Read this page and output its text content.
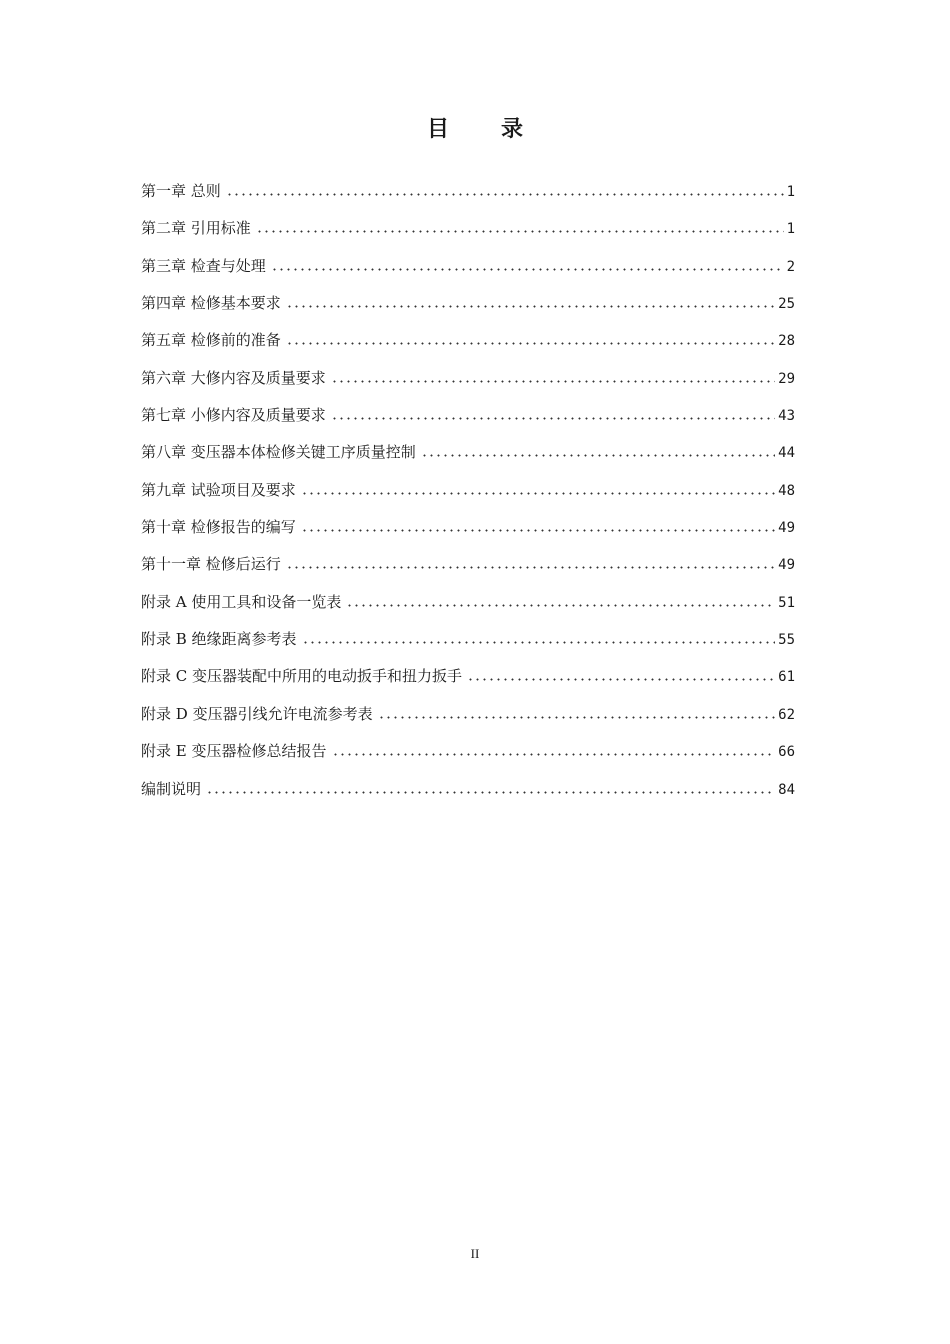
目录
第一章 总则	1
第二章 引用标准	1
第三章 检查与处理	2
第四章 检修基本要求	25
第五章 检修前的准备	28
第六章 大修内容及质量要求	29
第七章 小修内容及质量要求	43
第八章 变压器本体检修关键工序质量控制	44
第九章 试验项目及要求	48
第十章 检修报告的编写	49
第十一章 检修后运行	49
附录 A 使用工具和设备一览表	51
附录 B 绝缘距离参考表	55
附录 C 变压器装配中所用的电动扳手和扭力扳手	61
附录 D 变压器引线允许电流参考表	62
附录 E 变压器检修总结报告	66
编制说明	84
II
